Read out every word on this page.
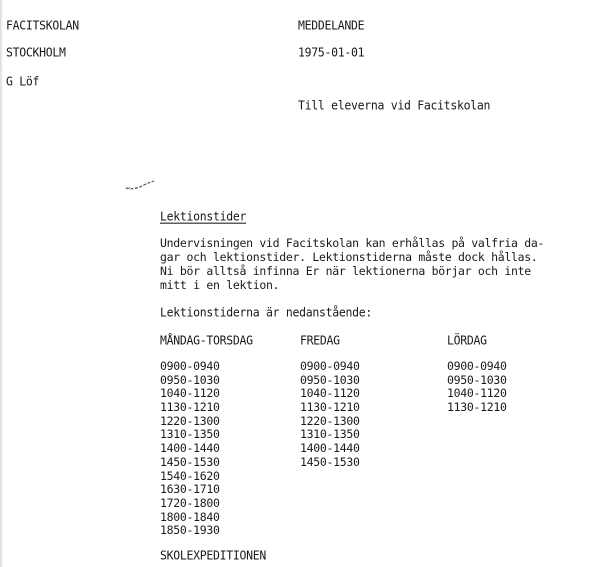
FACITSKOLAN
STOCKHOLM
G Löf
MEDDELANDE
1975-01-01
Till eleverna vid Facitskolan
Lektionstider
Undervisningen vid Facitskolan kan erhållas på valfria da-
gar och lektionstider. Lektionstiderna måste dock hållas.
Ni bör alltså infinna Er när lektionerna börjar och inte
mitt i en lektion.
Lektionstiderna är nedanstående:
MÅNDAG-TORSDAG	FREDAG	LÖRDAG
0900-0940
0950-1030
1040-1120
1130-1210
1220-1300
1310-1350
1400-1440
1450-1530
1540-1620
1630-1710
1720-1800
1800-1840
1850-1930
0900-0940
0950-1030
1040-1120
1130-1210
1220-1300
1310-1350
1400-1440
1450-1530
0900-0940
0950-1030
1040-1120
1130-1210
SKOLEXPEDITIONEN
